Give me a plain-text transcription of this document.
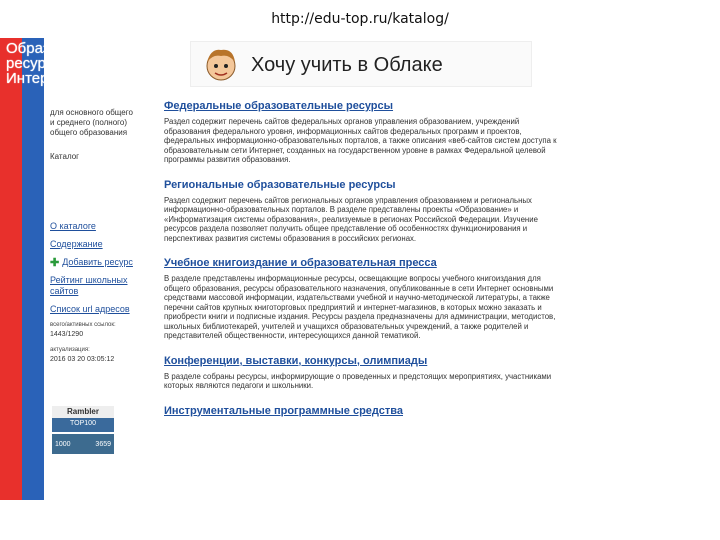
http://edu-top.ru/katalog/
Образовательные
ресурсы сети
Интернет
для основного общего
и среднего (полного)
общего образования
Каталог
О каталоге
Содержание
✚ Добавить ресурс
Рейтинг школьных сайтов
Список url адресов
всего/активных ссылок:
1443/1290
актуализация:
2016 03 20 03:05:12
Rambler
TOP100
1000	3659
Хочу учить в Облаке
Федеральные образовательные ресурсы
Раздел содержит перечень сайтов федеральных органов управления образованием, учреждений образования федерального уровня, информационных сайтов федеральных программ и проектов, федеральных информационно-образовательных порталов, а также описания «веб-сайтов систем доступа к образовательным сети Интернет, созданных на государственном уровне в рамках Федеральной целевой программы развития образования.
Региональные образовательные ресурсы
Раздел содержит перечень сайтов региональных органов управления образованием и региональных информационно-образовательных порталов. В разделе представлены проекты «Образование» и «Информатизация системы образования», реализуемые в регионах Российской Федерации. Изучение ресурсов раздела позволяет получить общее представление об особенностях функционирования и перспективах развития системы образования в российских регионах.
Учебное книгоиздание и образовательная пресса
В разделе представлены информационные ресурсы, освещающие вопросы учебного книгоиздания для общего образования, ресурсы образовательного назначения, опубликованные в сети Интернет основными средствами массовой информации, издательствами учебной и научно-методической литературы, а также перечни сайтов крупных книготорговых предприятий и интернет-магазинов, в которых можно заказать и приобрести книги и подписные издания. Ресурсы раздела предназначены для администрации, методистов, школьных библиотекарей, учителей и учащихся образовательных учреждений, а также родителей и представителей общественности, интересующихся данной тематикой.
Конференции, выставки, конкурсы, олимпиады
В разделе собраны ресурсы, информирующие о проведенных и предстоящих мероприятиях, участниками которых являются педагоги и школьники.
Инструментальные программные средства
